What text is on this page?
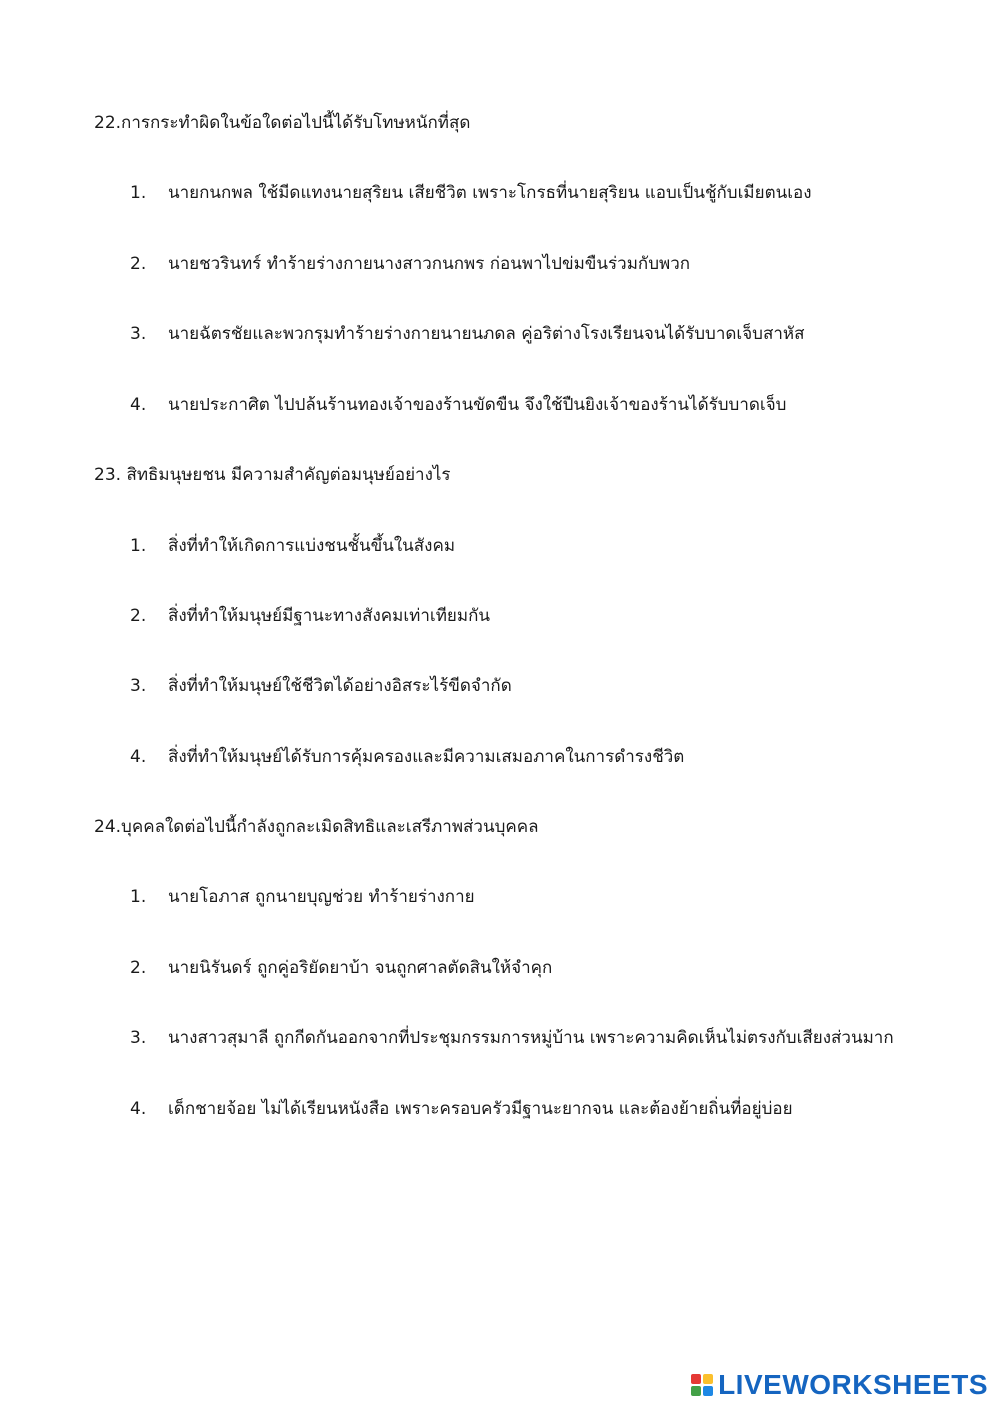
22.การกระทำผิดในข้อใดต่อไปนี้ได้รับโทษหนักที่สุด
1. นายกนกพล ใช้มีดแทงนายสุริยน เสียชีวิต เพราะโกรธที่นายสุริยน แอบเป็นชู้กับเมียตนเอง
2. นายชวรินทร์ ทำร้ายร่างกายนางสาวกนกพร ก่อนพาไปข่มขืนร่วมกับพวก
3. นายฉัตรชัยและพวกรุมทำร้ายร่างกายนายนภดล คู่อริต่างโรงเรียนจนได้รับบาดเจ็บสาหัส
4. นายประกาศิต ไปปล้นร้านทองเจ้าของร้านขัดขืน จึงใช้ปืนยิงเจ้าของร้านได้รับบาดเจ็บ
23. สิทธิมนุษยชน มีความสำคัญต่อมนุษย์อย่างไร
1. สิ่งที่ทำให้เกิดการแบ่งชนชั้นขึ้นในสังคม
2. สิ่งที่ทำให้มนุษย์มีฐานะทางสังคมเท่าเทียมกัน
3. สิ่งที่ทำให้มนุษย์ใช้ชีวิตได้อย่างอิสระไร้ขีดจำกัด
4. สิ่งที่ทำให้มนุษย์ได้รับการคุ้มครองและมีความเสมอภาคในการดำรงชีวิต
24.บุคคลใดต่อไปนี้กำลังถูกละเมิดสิทธิและเสรีภาพส่วนบุคคล
1. นายโอภาส ถูกนายบุญช่วย ทำร้ายร่างกาย
2. นายนิรันดร์ ถูกคู่อริยัดยาบ้า จนถูกศาลตัดสินให้จำคุก
3. นางสาวสุมาลี ถูกกีดกันออกจากที่ประชุมกรรมการหมู่บ้าน เพราะความคิดเห็นไม่ตรงกับเสียงส่วนมาก
4. เด็กชายจ้อย ไม่ได้เรียนหนังสือ เพราะครอบครัวมีฐานะยากจน และต้องย้ายถิ่นที่อยู่บ่อย
LIVEWORKSHEETS
